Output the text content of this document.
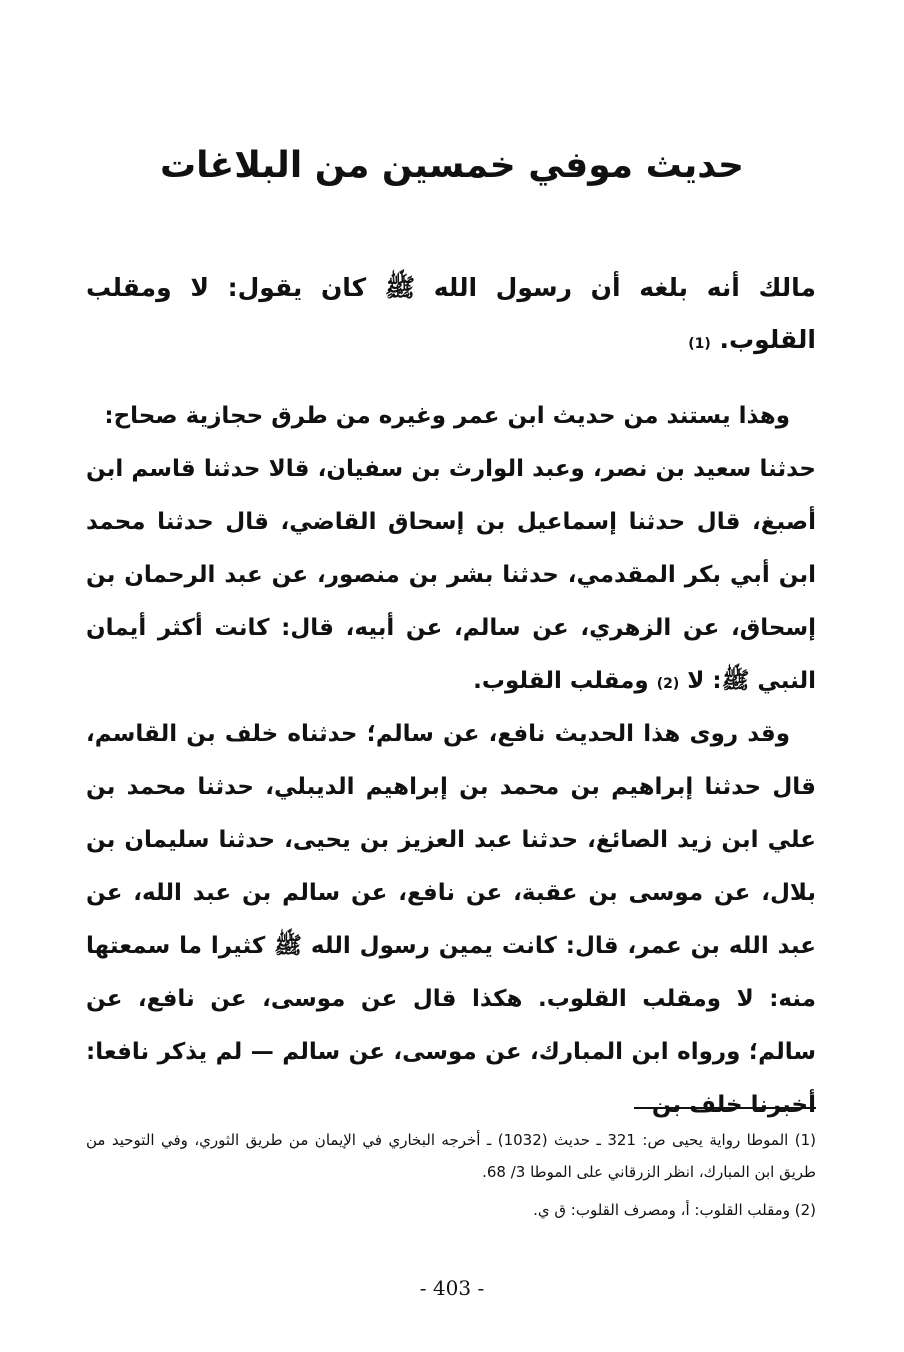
حديث موفي خمسين من البلاغات
مالك أنه بلغه أن رسول الله ﷺ كان يقول: لا ومقلب القلوب. (1)
وهذا يستند من حديث ابن عمر وغيره من طرق حجازية صحاح:
حدثنا سعيد بن نصر، وعبد الوارث بن سفيان، قالا حدثنا قاسم ابن أصبغ، قال حدثنا إسماعيل بن إسحاق القاضي، قال حدثنا محمد ابن أبي بكر المقدمي، حدثنا بشر بن منصور، عن عبد الرحمان بن إسحاق، عن الزهري، عن سالم، عن أبيه، قال: كانت أكثر أيمان النبي ﷺ: لا (2) ومقلب القلوب.
وقد روى هذا الحديث نافع، عن سالم؛ حدثناه خلف بن القاسم، قال حدثنا إبراهيم بن محمد بن إبراهيم الديبلي، حدثنا محمد بن علي ابن زيد الصائغ، حدثنا عبد العزيز بن يحيى، حدثنا سليمان بن بلال، عن موسى بن عقبة، عن نافع، عن سالم بن عبد الله، عن عبد الله بن عمر، قال: كانت يمين رسول الله ﷺ كثيرا ما سمعتها منه: لا ومقلب القلوب. هكذا قال عن موسى، عن نافع، عن سالم؛ ورواه ابن المبارك، عن موسى، عن سالم — لم يذكر نافعا: أخبرنا خلف بن

(1) الموطا رواية يحيى ص: 321 ـ حديث (1032) ـ أخرجه البخاري في الإيمان من طريق الثوري، وفي التوحيد من طريق ابن المبارك، انظر الزرقاني على الموطا 3/ 68.

(2) ومقلب القلوب: أ، ومصرف القلوب: ق ي.

- 403 -
